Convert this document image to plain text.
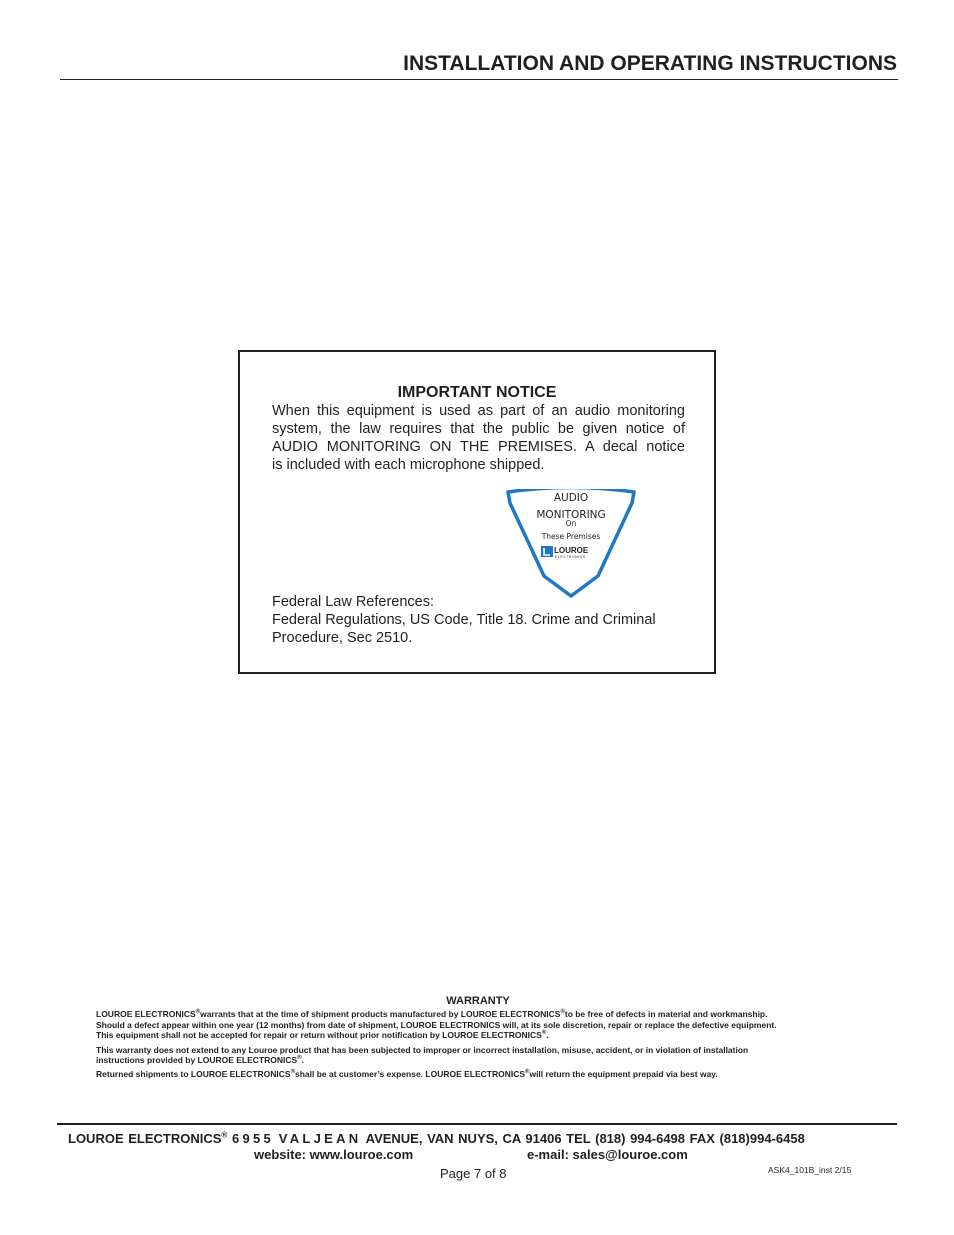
INSTALLATION AND OPERATING INSTRUCTIONS
IMPORTANT NOTICE
When this equipment is used as part of an audio monitoring
system, the law requires that the public be given notice of
AUDIO MONITORING ON THE PREMISES. A decal notice
is included with each microphone shipped.
AUDIO
MONITORING
On
These Premises
LOUROE
ELECTRONICS
Federal Law References:
Federal Regulations, US Code, Title 18. Crime and Criminal
Procedure, Sec 2510.
WARRANTY
LOUROE ELECTRONICS®warrants that at the time of shipment products manufactured by LOUROE ELECTRONICS®to be free of defects in material and workmanship.
Should a defect appear within one year (12 months) from date of shipment, LOUROE ELECTRONICS will, at its sole discretion, repair or replace the defective equipment.
This equipment shall not be accepted for repair or return without prior notification by LOUROE ELECTRONICS®.
This warranty does not extend to any Louroe product that has been subjected to improper or incorrect installation, misuse, accident, or in violation of installation
instructions provided by LOUROE ELECTRONICS®.
Returned shipments to LOUROE ELECTRONICS®shall be at customer’s expense. LOUROE ELECTRONICS®will return the equipment prepaid via best way.
LOUROE ELECTRONICS® 6955 VALJEAN AVENUE, VAN NUYS, CA 91406 TEL (818) 994-6498 FAX (818)994-6458
website: www.louroe.com	e-mail: sales@louroe.com
Page 7 of 8	ASK4_101B_inst 2/15
